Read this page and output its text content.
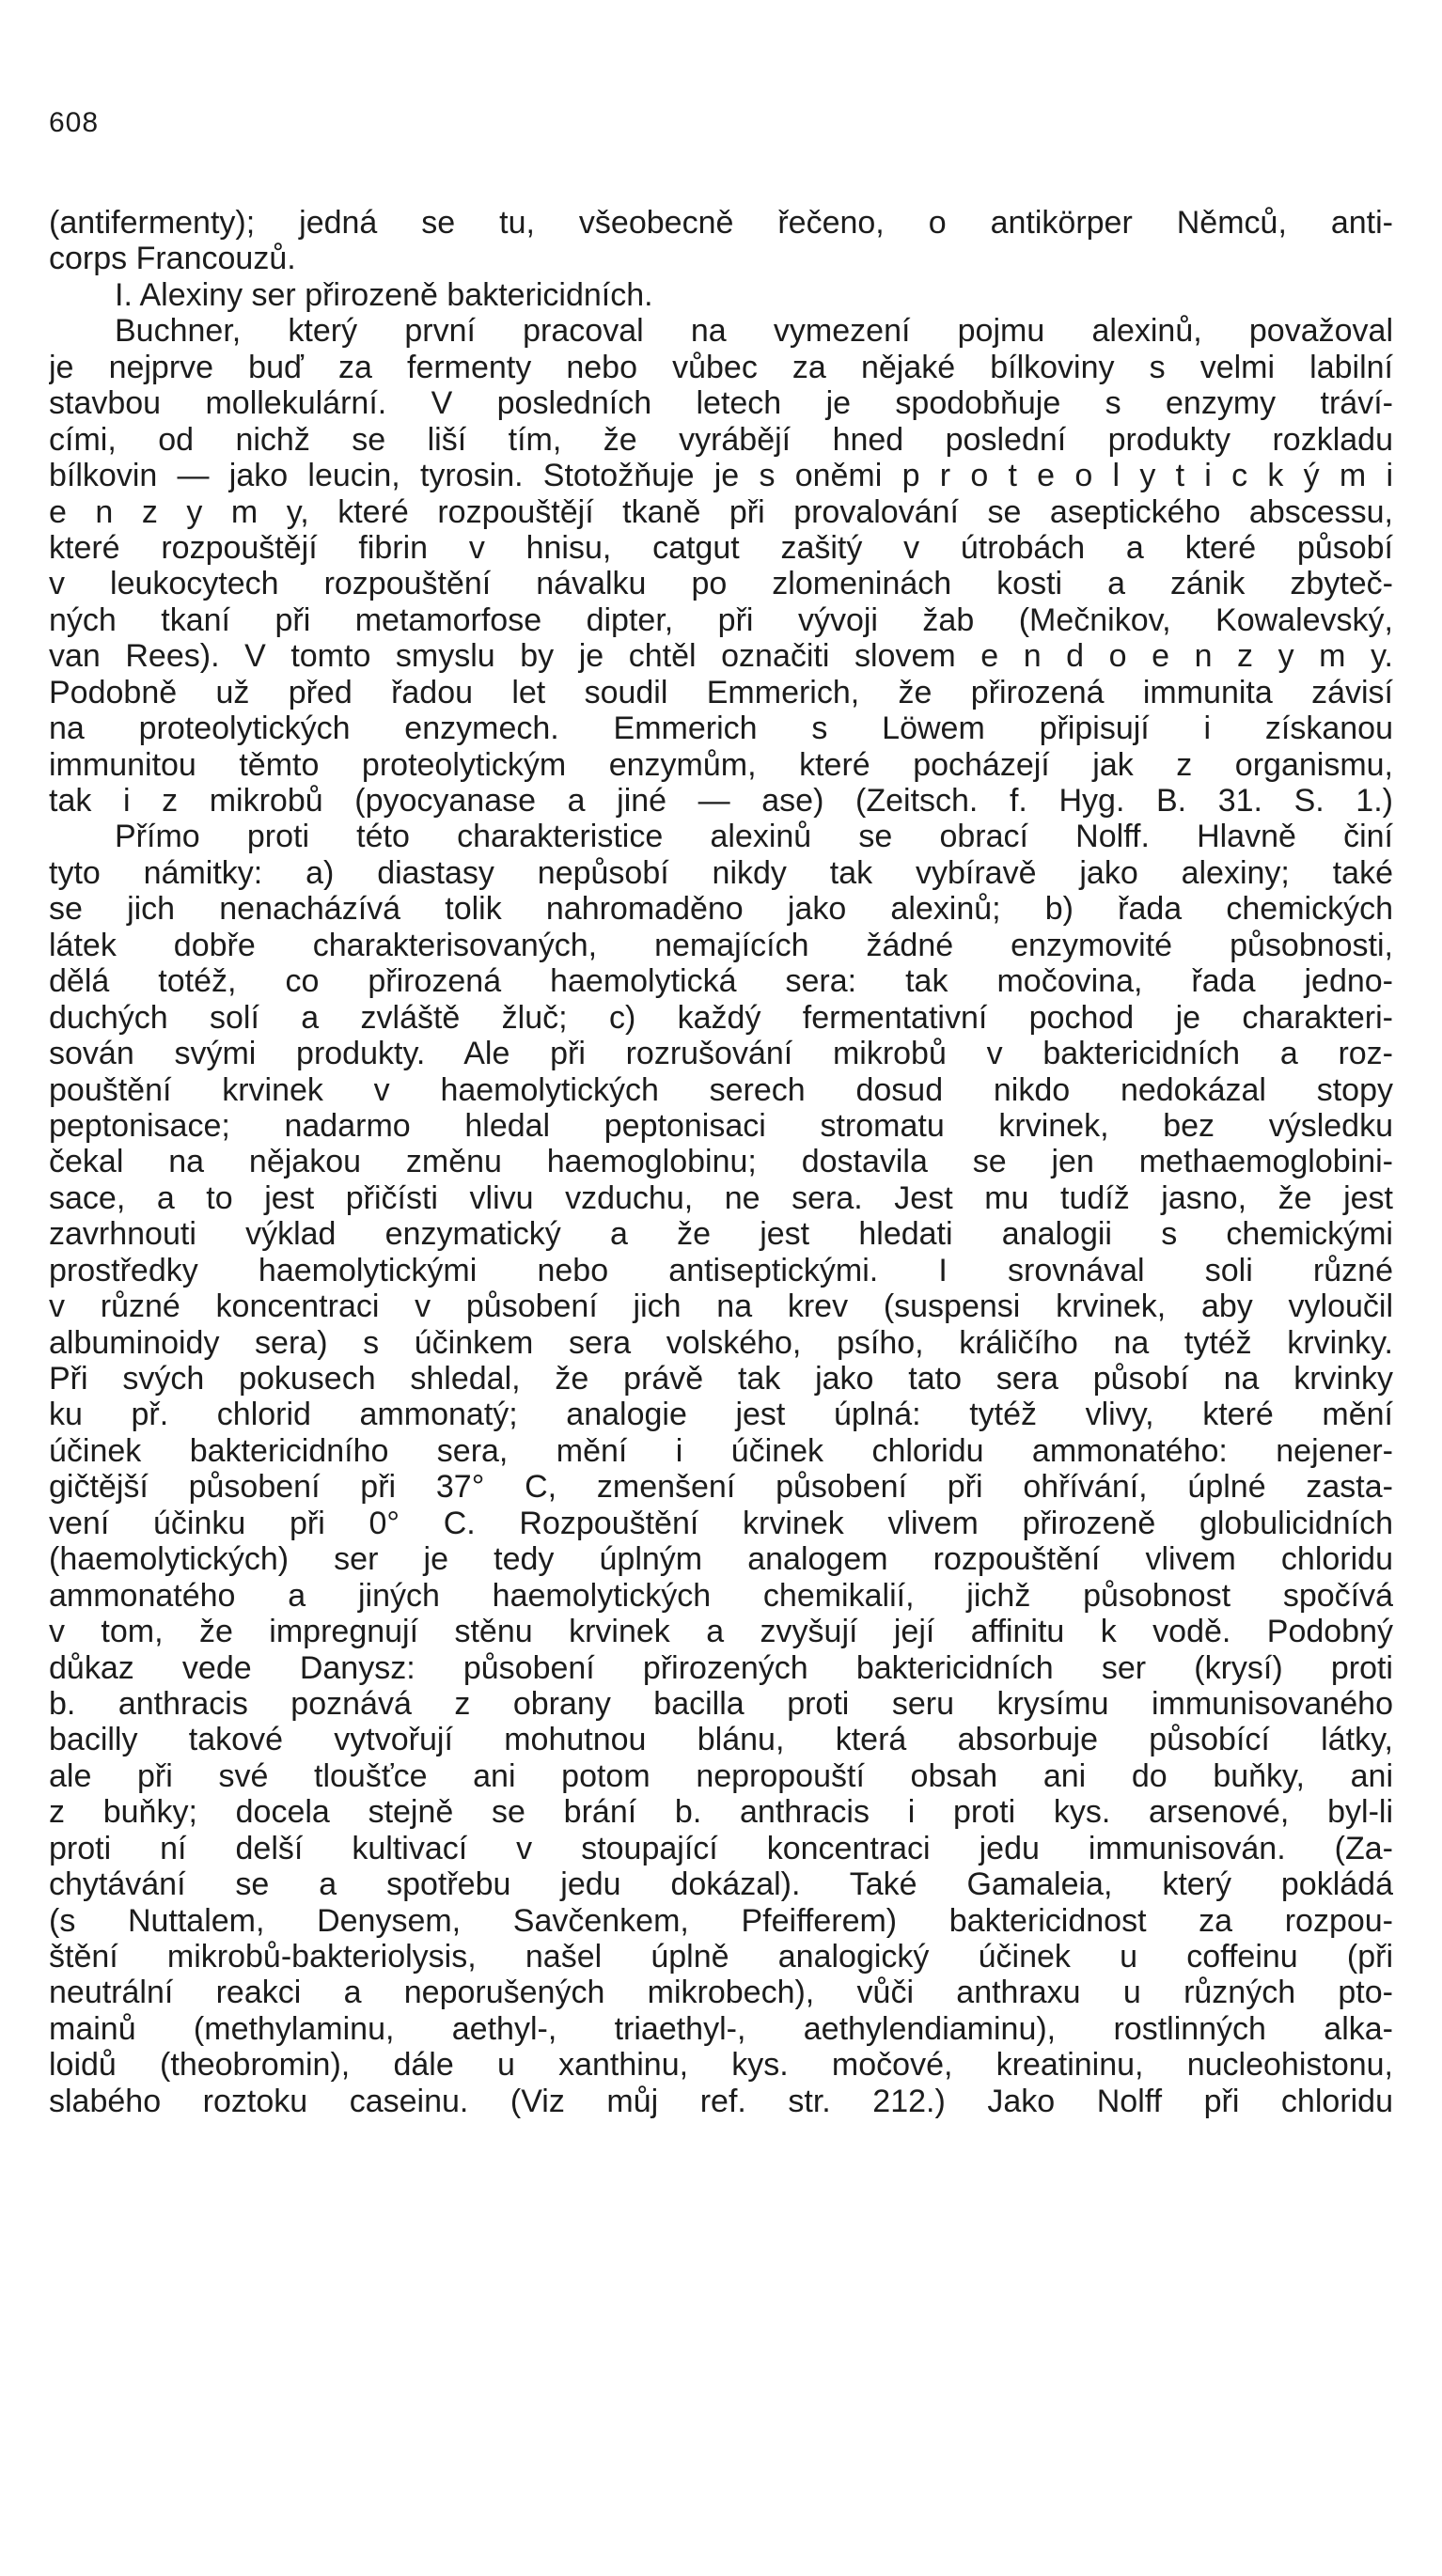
608
(antifermenty); jedná se tu, všeobecně řečeno, o antikörper Němců, anti-
corps Francouzů.
I. Alexiny ser přirozeně baktericidních.
Buchner, který první pracoval na vymezení pojmu alexinů, považoval
je nejprve buď za fermenty nebo vůbec za nějaké bílkoviny s velmi labilní
stavbou mollekulární. V posledních letech je spodobňuje s enzymy tráví-
cími, od nichž se liší tím, že vyrábějí hned poslední produkty rozkladu
bílkovin — jako leucin, tyrosin. Stotožňuje je s oněmi p r o t e o l y t i c k ý m i
e n z y m y, které rozpouštějí tkaně při provalování se aseptického abscessu,
které rozpouštějí fibrin v hnisu, catgut zašitý v útrobách a které působí
v leukocytech rozpouštění návalku po zlomeninách kosti a zánik zbyteč-
ných tkaní při metamorfose dipter, při vývoji žab (Mečnikov, Kowalevský,
van Rees). V tomto smyslu by je chtěl označiti slovem e n d o e n z y m y.
Podobně už před řadou let soudil Emmerich, že přirozená immunita závisí
na proteolytických enzymech. Emmerich s Löwem připisují i získanou
immunitou těmto proteolytickým enzymům, které pocházejí jak z organismu,
tak i z mikrobů (pyocyanase a jiné — ase) (Zeitsch. f. Hyg. B. 31. S. 1.)
Přímo proti této charakteristice alexinů se obrací Nolff. Hlavně činí
tyto námitky: a) diastasy nepůsobí nikdy tak vybíravě jako alexiny; také
se jich nenacházívá tolik nahromaděno jako alexinů; b) řada chemických
látek dobře charakterisovaných, nemajících žádné enzymovité působnosti,
dělá totéž, co přirozená haemolytická sera: tak močovina, řada jedno-
duchých solí a zvláště žluč; c) každý fermentativní pochod je charakteri-
sován svými produkty. Ale při rozrušování mikrobů v baktericidních a roz-
pouštění krvinek v haemolytických serech dosud nikdo nedokázal stopy
peptonisace; nadarmo hledal peptonisaci stromatu krvinek, bez výsledku
čekal na nějakou změnu haemoglobinu; dostavila se jen methaemoglobini-
sace, a to jest přičísti vlivu vzduchu, ne sera. Jest mu tudíž jasno, že jest
zavrhnouti výklad enzymatický a že jest hledati analogii s chemickými
prostředky haemolytickými nebo antiseptickými. I srovnával soli různé
v různé koncentraci v působení jich na krev (suspensi krvinek, aby vyloučil
albuminoidy sera) s účinkem sera volského, psího, králičího na tytéž krvinky.
Při svých pokusech shledal, že právě tak jako tato sera působí na krvinky
ku př. chlorid ammonatý; analogie jest úplná: tytéž vlivy, které mění
účinek baktericidního sera, mění i účinek chloridu ammonatého: nejener-
gičtější působení při 37° C, zmenšení působení při ohřívání, úplné zasta-
vení účinku při 0° C. Rozpouštění krvinek vlivem přirozeně globulicidních
(haemolytických) ser je tedy úplným analogem rozpouštění vlivem chloridu
ammonatého a jiných haemolytických chemikalií, jichž působnost spočívá
v tom, že impregnují stěnu krvinek a zvyšují její affinitu k vodě. Podobný
důkaz vede Danysz: působení přirozených baktericidních ser (krysí) proti
b. anthracis poznává z obrany bacilla proti seru krysímu immunisovaného
bacilly takové vytvořují mohutnou blánu, která absorbuje působící látky,
ale při své tloušťce ani potom nepropouští obsah ani do buňky, ani
z buňky; docela stejně se brání b. anthracis i proti kys. arsenové, byl-li
proti ní delší kultivací v stoupající koncentraci jedu immunisován. (Za-
chytávání se a spotřebu jedu dokázal). Také Gamaleia, který pokládá
(s Nuttalem, Denysem, Savčenkem, Pfeifferem) baktericidnost za rozpou-
štění mikrobů-bakteriolysis, našel úplně analogický účinek u coffeinu (při
neutrální reakci a neporušených mikrobech), vůči anthraxu u různých pto-
mainů (methylaminu, aethyl-, triaethyl-, aethylendiaminu), rostlinných alka-
loidů (theobromin), dále u xanthinu, kys. močové, kreatininu, nucleohistonu,
slabého roztoku caseinu. (Viz můj ref. str. 212.) Jako Nolff při chloridu
